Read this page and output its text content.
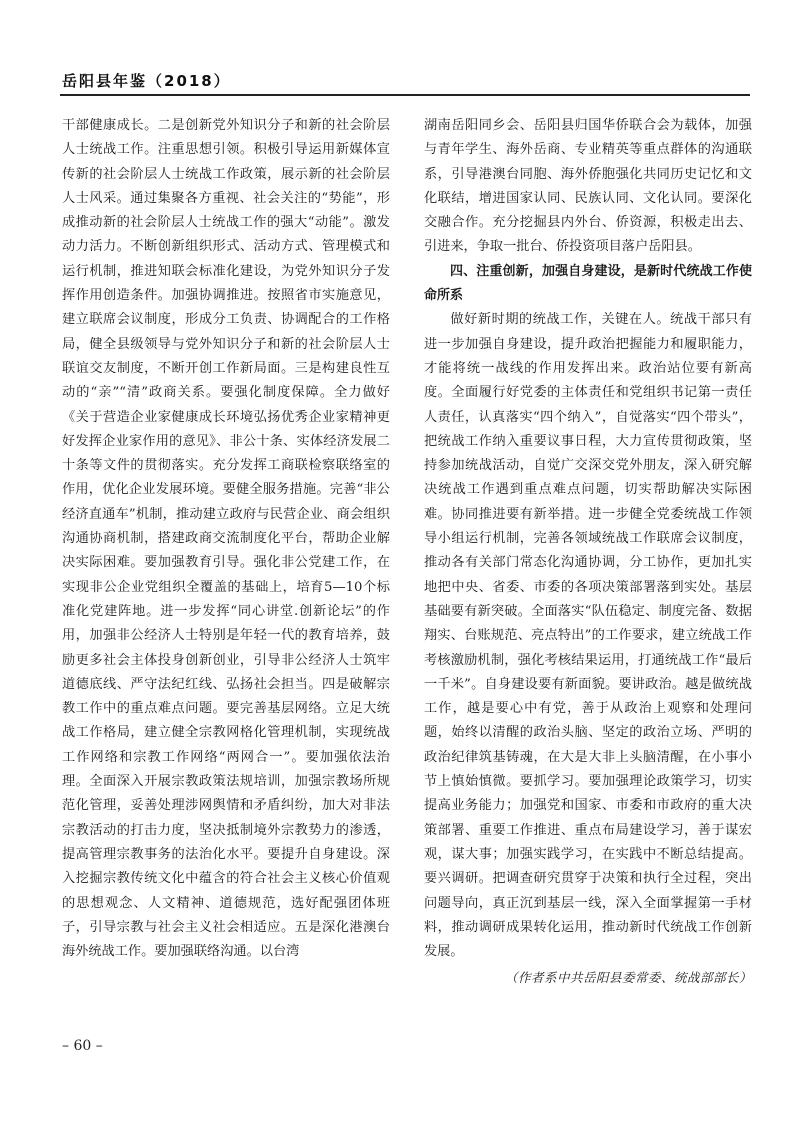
岳阳县年鉴（2018）

干部健康成长。二是创新党外知识分子和新的社会阶层人士统战工作。注重思想引领。积极引导运用新媒体宣传新的社会阶层人士统战工作政策，展示新的社会阶层人士风采。通过集聚各方重视、社会关注的“势能”，形成推动新的社会阶层人士统战工作的强大“动能”。激发动力活力。不断创新组织形式、活动方式、管理模式和运行机制，推进知联会标准化建设，为党外知识分子发挥作用创造条件。加强协调推进。按照省市实施意见，建立联席会议制度，形成分工负责、协调配合的工作格局，健全县级领导与党外知识分子和新的社会阶层人士联谊交友制度，不断开创工作新局面。三是构建良性互动的“亲”“清”政商关系。要强化制度保障。全力做好《关于营造企业家健康成长环境弘扬优秀企业家精神更好发挥企业家作用的意见》、非公十条、实体经济发展二十条等文件的贯彻落实。充分发挥工商联检察联络室的作用，优化企业发展环境。要健全服务措施。完善“非公经济直通车”机制，推动建立政府与民营企业、商会组织沟通协商机制，搭建政商交流制度化平台，帮助企业解决实际困难。要加强教育引导。强化非公党建工作，在实现非公企业党组织全覆盖的基础上，培育5—10个标准化党建阵地。进一步发挥“同心讲堂.创新论坛”的作用，加强非公经济人士特别是年轻一代的教育培养，鼓励更多社会主体投身创新创业，引导非公经济人士筑牢道德底线、严守法纪红线、弘扬社会担当。四是破解宗教工作中的重点难点问题。要完善基层网络。立足大统战工作格局，建立健全宗教网格化管理机制，实现统战工作网络和宗教工作网络“两网合一”。要加强依法治理。全面深入开展宗教政策法规培训，加强宗教场所规范化管理，妥善处理涉网舆情和矛盾纠纷，加大对非法宗教活动的打击力度，坚决抵制境外宗教势力的渗透，提高管理宗教事务的法治化水平。要提升自身建设。深入挖掘宗教传统文化中蕴含的符合社会主义核心价值观的思想观念、人文精神、道德规范，选好配强团体班子，引导宗教与社会主义社会相适应。五是深化港澳台海外统战工作。要加强联络沟通。以台湾

湖南岳阳同乡会、岳阳县归国华侨联合会为载体，加强与青年学生、海外岳商、专业精英等重点群体的沟通联系，引导港澳台同胞、海外侨胞强化共同历史记忆和文化联结，增进国家认同、民族认同、文化认同。要深化交融合作。充分挖掘县内外台、侨资源，积极走出去、引进来，争取一批台、侨投资项目落户岳阳县。

四、注重创新，加强自身建设，是新时代统战工作使命所系

做好新时期的统战工作，关键在人。统战干部只有进一步加强自身建设，提升政治把握能力和履职能力，才能将统一战线的作用发挥出来。政治站位要有新高度。全面履行好党委的主体责任和党组织书记第一责任人责任，认真落实“四个纳入”，自觉落实“四个带头”，把统战工作纳入重要议事日程，大力宣传贯彻政策，坚持参加统战活动，自觉广交深交党外朋友，深入研究解决统战工作遇到重点难点问题，切实帮助解决实际困难。协同推进要有新举措。进一步健全党委统战工作领导小组运行机制，完善各领域统战工作联席会议制度，推动各有关部门常态化沟通协调，分工协作，更加扎实地把中央、省委、市委的各项决策部署落到实处。基层基础要有新突破。全面落实“队伍稳定、制度完备、数据翔实、台账规范、亮点特出”的工作要求，建立统战工作考核激励机制，强化考核结果运用，打通统战工作“最后一千米”。自身建设要有新面貌。要讲政治。越是做统战工作，越是要心中有党，善于从政治上观察和处理问题，始终以清醒的政治头脑、坚定的政治立场、严明的政治纪律筑基铸魂，在大是大非上头脑清醒，在小事小节上慎始慎微。要抓学习。要加强理论政策学习，切实提高业务能力；加强党和国家、市委和市政府的重大决策部署、重要工作推进、重点布局建设学习，善于谋宏观，谋大事；加强实践学习，在实践中不断总结提高。要兴调研。把调查研究贯穿于决策和执行全过程，突出问题导向，真正沉到基层一线，深入全面掌握第一手材料，推动调研成果转化运用，推动新时代统战工作创新发展。

（作者系中共岳阳县委常委、统战部部长）

– 60 –
